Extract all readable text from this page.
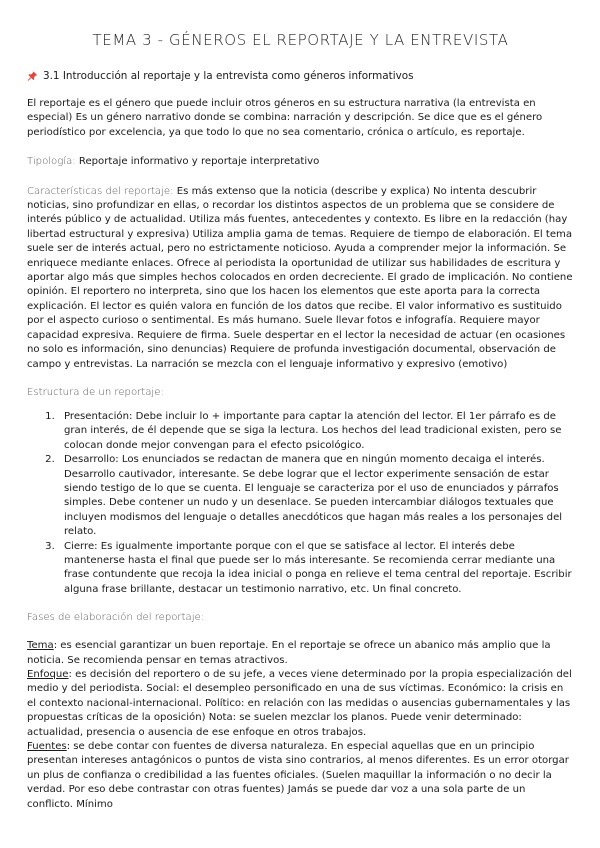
TEMA 3 - GÉNEROS EL REPORTAJE Y LA ENTREVISTA
3.1 Introducción al reportaje y la entrevista como géneros informativos

El reportaje es el género que puede incluir otros géneros en su estructura narrativa (la entrevista en especial) Es un género narrativo donde se combina: narración y descripción. Se dice que es el género periodístico por excelencia, ya que todo lo que no sea comentario, crónica o artículo, es reportaje.

Tipología: Reportaje informativo y reportaje interpretativo

Características del reportaje: Es más extenso que la noticia (describe y explica) No intenta descubrir noticias, sino profundizar en ellas, o recordar los distintos aspectos de un problema que se considere de interés público y de actualidad. Utiliza más fuentes, antecedentes y contexto. Es libre en la redacción (hay libertad estructural y expresiva) Utiliza amplia gama de temas. Requiere de tiempo de elaboración. El tema suele ser de interés actual, pero no estrictamente noticioso. Ayuda a comprender mejor la información. Se enriquece mediante enlaces. Ofrece al periodista la oportunidad de utilizar sus habilidades de escritura y aportar algo más que simples hechos colocados en orden decreciente. El grado de implicación. No contiene opinión. El reportero no interpreta, sino que los hacen los elementos que este aporta para la correcta explicación. El lector es quién valora en función de los datos que recibe. El valor informativo es sustituido por el aspecto curioso o sentimental. Es más humano. Suele llevar fotos e infografía. Requiere mayor capacidad expresiva. Requiere de firma. Suele despertar en el lector la necesidad de actuar (en ocasiones no solo es información, sino denuncias) Requiere de profunda investigación documental, observación de campo y entrevistas. La narración se mezcla con el lenguaje informativo y expresivo (emotivo)

Estructura de un reportaje:
1. Presentación: Debe incluir lo + importante para captar la atención del lector. El 1er párrafo es de gran interés, de él depende que se siga la lectura. Los hechos del lead tradicional existen, pero se colocan donde mejor convengan para el efecto psicológico.
2. Desarrollo: Los enunciados se redactan de manera que en ningún momento decaiga el interés. Desarrollo cautivador, interesante. Se debe lograr que el lector experimente sensación de estar siendo testigo de lo que se cuenta. El lenguaje se caracteriza por el uso de enunciados y párrafos simples. Debe contener un nudo y un desenlace. Se pueden intercambiar diálogos textuales que incluyen modismos del lenguaje o detalles anecdóticos que hagan más reales a los personajes del relato.
3. Cierre: Es igualmente importante porque con el que se satisface al lector. El interés debe mantenerse hasta el final que puede ser lo más interesante. Se recomienda cerrar mediante una frase contundente que recoja la idea inicial o ponga en relieve el tema central del reportaje. Escribir alguna frase brillante, destacar un testimonio narrativo, etc. Un final concreto.
Fases de elaboración del reportaje:

Tema: es esencial garantizar un buen reportaje. En el reportaje se ofrece un abanico más amplio que la noticia. Se recomienda pensar en temas atractivos.

Enfoque: es decisión del reportero o de su jefe, a veces viene determinado por la propia especialización del medio y del periodista. Social: el desempleo personificado en una de sus víctimas. Económico: la crisis en el contexto nacional-internacional. Político: en relación con las medidas o ausencias gubernamentales y las propuestas críticas de la oposición) Nota: se suelen mezclar los planos. Puede venir determinado: actualidad, presencia o ausencia de ese enfoque en otros trabajos.

Fuentes: se debe contar con fuentes de diversa naturaleza. En especial aquellas que en un principio presentan intereses antagónicos o puntos de vista sino contrarios, al menos diferentes. Es un error otorgar un plus de confianza o credibilidad a las fuentes oficiales. (Suelen maquillar la información o no decir la verdad. Por eso debe contrastar con otras fuentes) Jamás se puede dar voz a una sola parte de un conflicto. Mínimo
